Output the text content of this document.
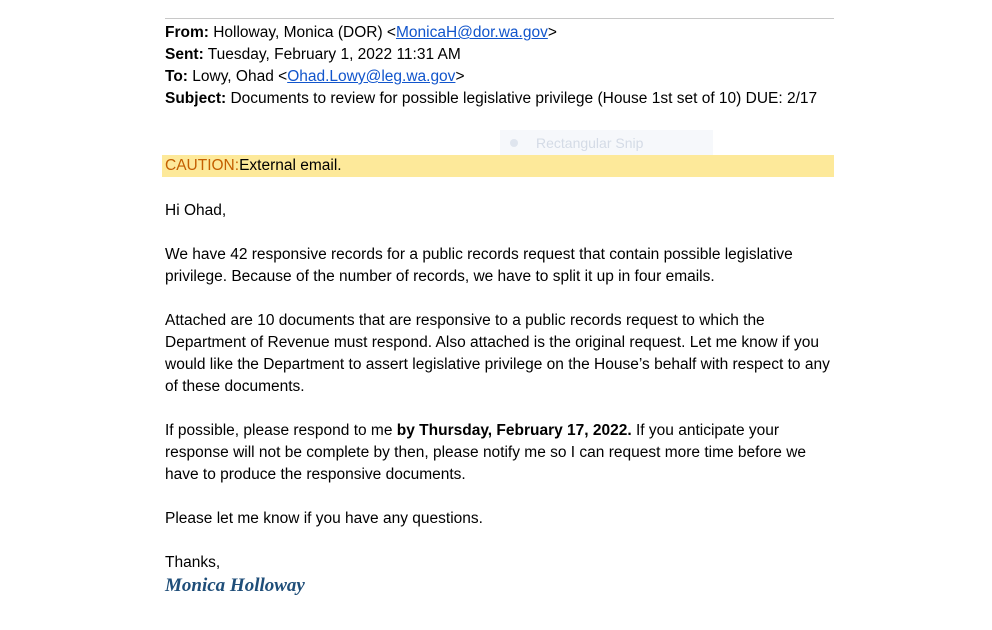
From: Holloway, Monica (DOR) <MonicaH@dor.wa.gov>
Sent: Tuesday, February 1, 2022 11:31 AM
To: Lowy, Ohad <Ohad.Lowy@leg.wa.gov>
Subject: Documents to review for possible legislative privilege (House 1st set of 10) DUE: 2/17
Rectangular Snip
CAUTION:External email.

Hi Ohad,

We have 42 responsive records for a public records request that contain possible legislative privilege. Because of the number of records, we have to split it up in four emails.

Attached are 10 documents that are responsive to a public records request to which the Department of Revenue must respond. Also attached is the original request. Let me know if you would like the Department to assert legislative privilege on the House’s behalf with respect to any of these documents.

If possible, please respond to me by Thursday, February 17, 2022. If you anticipate your response will not be complete by then, please notify me so I can request more time before we have to produce the responsive documents.

Please let me know if you have any questions.

Thanks,

Monica Holloway
